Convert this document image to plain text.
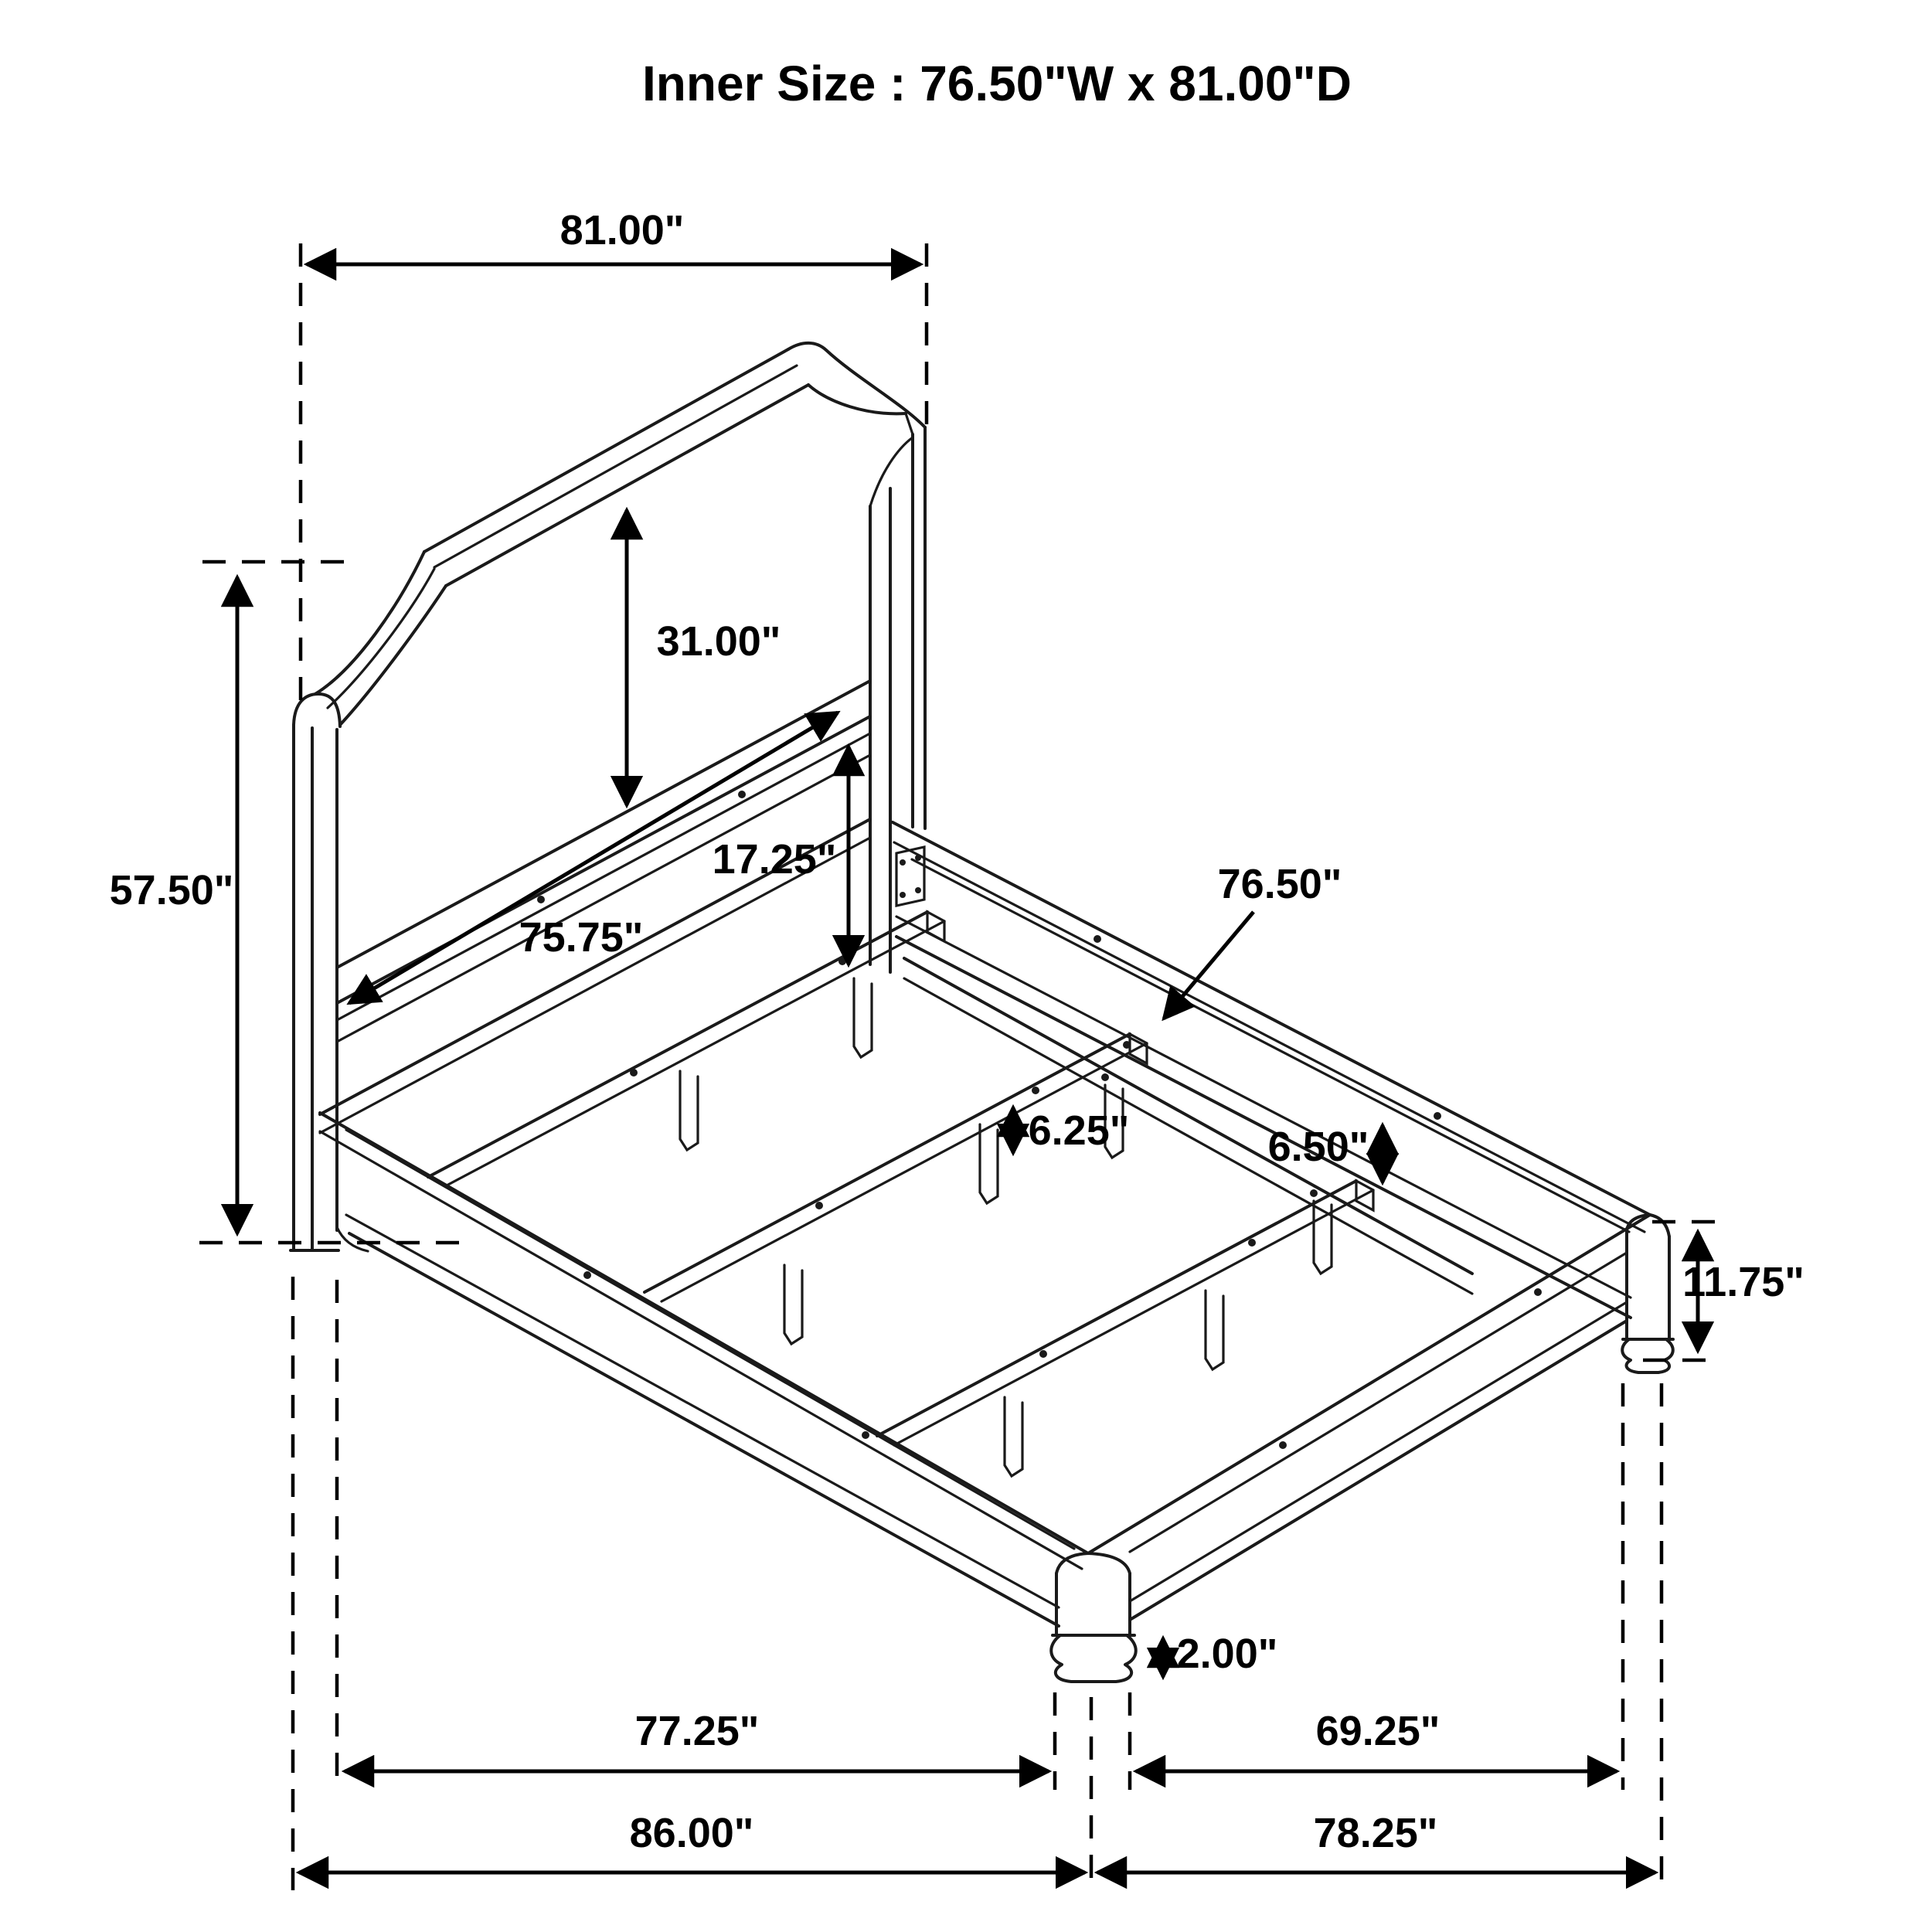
81.00"
57.50"
31.00"
17.25"
75.75"
76.50"
6.50"
6.25"
11.75"
2.00"
77.25"	69.25"
86.00"	78.25"
Inner Size : 76.50"W x 81.00"D
